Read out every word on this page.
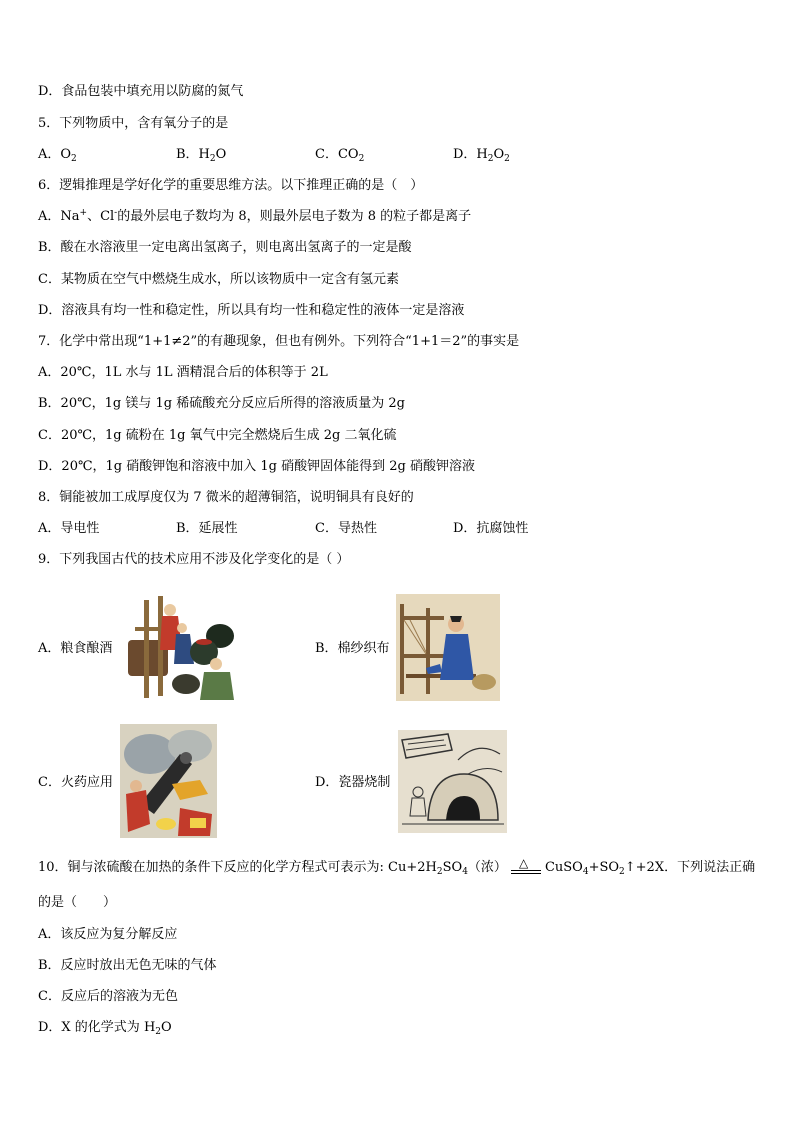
D．食品包装中填充用以防腐的氮气
5．下列物质中，含有氧分子的是
A．$O_2$	B．$H_2O$	C．$CO_2$	D．$H_2O_2$
6．逻辑推理是学好化学的重要思维方法。以下推理正确的是（　）
A．Na+、Cl-的最外层电子数均为 8，则最外层电子数为 8 的粒子都是离子
B．酸在水溶液里一定电离出氢离子，则电离出氢离子的一定是酸
C．某物质在空气中燃烧生成水，所以该物质中一定含有氢元素
D．溶液具有均一性和稳定性，所以具有均一性和稳定性的液体一定是溶液
7．化学中常出现“1+1≠2”的有趣现象，但也有例外。下列符合“1+1＝2”的事实是
A．20℃，1L 水与 1L 酒精混合后的体积等于 2L
B．20℃，1g 镁与 1g 稀硫酸充分反应后所得的溶液质量为 2g
C．20℃，1g 硫粉在 1g 氧气中完全燃烧后生成 2g 二氧化硫
D．20℃，1g 硝酸钾饱和溶液中加入 1g 硝酸钾固体能得到 2g 硝酸钾溶液
8．铜能被加工成厚度仅为 7 微米的超薄铜箔，说明铜具有良好的
A．导电性	B．延展性	C．导热性	D．抗腐蚀性
9．下列我国古代的技术应用不涉及化学变化的是（ ）
A．粮食酿酒	B．棉纱织布
C．火药应用	D．瓷器烧制
10．铜与浓硫酸在加热的条件下反应的化学方程式可表示为: $Cu+2H_2SO_4$（浓） △ $CuSO_4+SO_2↑+2X$．下列说法正确
的是（　　）
A．该反应为复分解反应
B．反应时放出无色无味的气体
C．反应后的溶液为无色
D．X 的化学式为 $H_2O$
